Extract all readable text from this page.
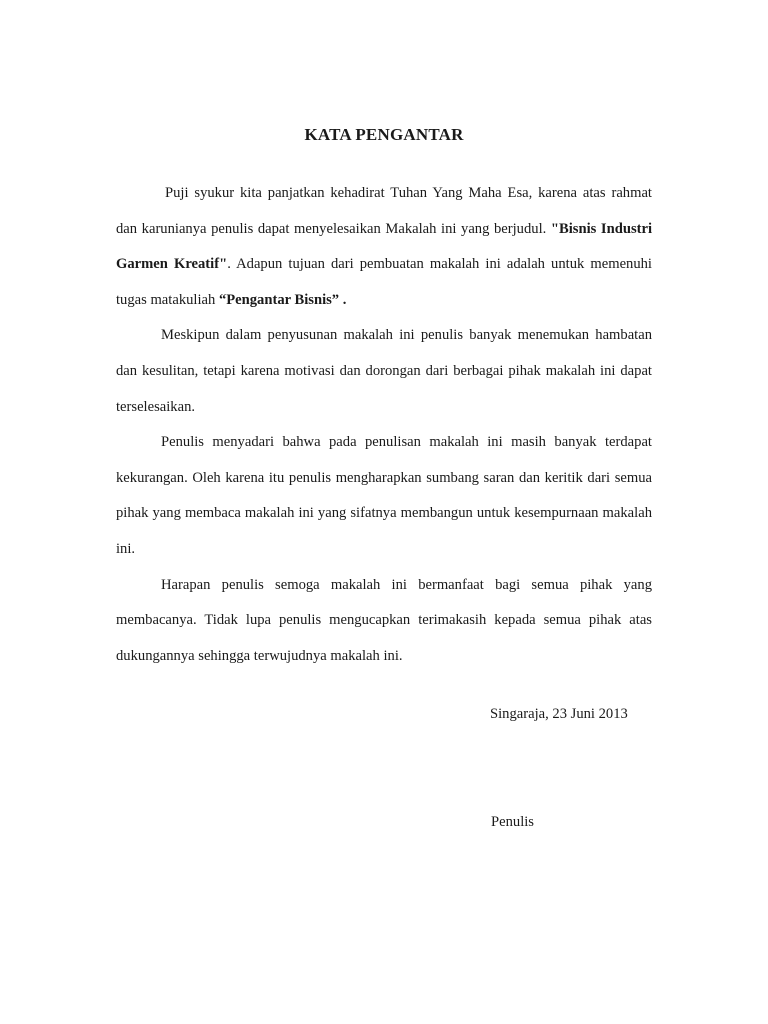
KATA PENGANTAR

Puji syukur kita panjatkan kehadirat Tuhan Yang Maha Esa, karena atas rahmat dan karunianya penulis dapat menyelesaikan Makalah ini yang berjudul. "Bisnis Industri Garmen Kreatif". Adapun tujuan dari pembuatan makalah ini adalah untuk memenuhi tugas matakuliah “Pengantar Bisnis” .

Meskipun dalam penyusunan makalah ini penulis banyak menemukan hambatan dan kesulitan, tetapi karena motivasi dan dorongan dari berbagai pihak makalah ini dapat terselesaikan.

Penulis menyadari bahwa pada penulisan makalah ini masih banyak terdapat kekurangan. Oleh karena itu penulis mengharapkan sumbang saran dan keritik dari semua pihak yang membaca makalah ini yang sifatnya membangun untuk kesempurnaan makalah ini.

Harapan penulis semoga makalah ini bermanfaat bagi semua pihak yang membacanya. Tidak lupa penulis mengucapkan terimakasih kepada semua pihak atas dukungannya sehingga terwujudnya makalah ini.

Singaraja, 23 Juni 2013
Penulis
